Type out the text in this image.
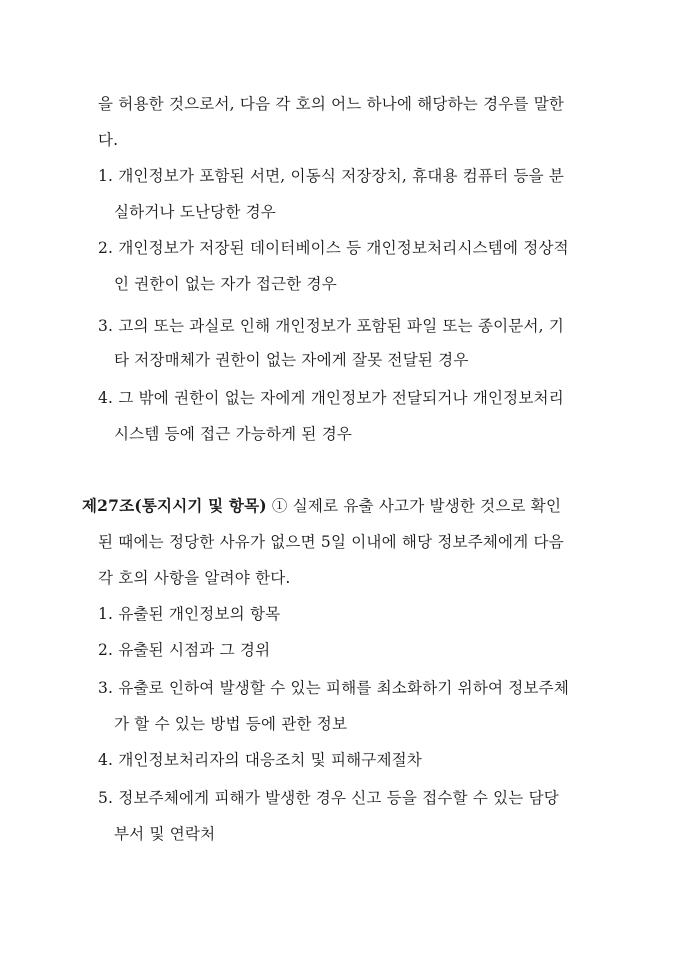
을 허용한 것으로서, 다음 각 호의 어느 하나에 해당하는 경우를 말한
다.
1. 개인정보가 포함된 서면, 이동식 저장장치, 휴대용 컴퓨터 등을 분
실하거나 도난당한 경우
2. 개인정보가 저장된 데이터베이스 등 개인정보처리시스템에 정상적
인 권한이 없는 자가 접근한 경우
3. 고의 또는 과실로 인해 개인정보가 포함된 파일 또는 종이문서, 기
타 저장매체가 권한이 없는 자에게 잘못 전달된 경우
4. 그 밖에 권한이 없는 자에게 개인정보가 전달되거나 개인정보처리
시스템 등에 접근 가능하게 된 경우
제27조(통지시기 및 항목) ① 실제로 유출 사고가 발생한 것으로 확인
된 때에는 정당한 사유가 없으면 5일 이내에 해당 정보주체에게 다음
각 호의 사항을 알려야 한다.
1. 유출된 개인정보의 항목
2. 유출된 시점과 그 경위
3. 유출로 인하여 발생할 수 있는 피해를 최소화하기 위하여 정보주체
가 할 수 있는 방법 등에 관한 정보
4. 개인정보처리자의 대응조치 및 피해구제절차
5. 정보주체에게 피해가 발생한 경우 신고 등을 접수할 수 있는 담당
부서 및 연락처
